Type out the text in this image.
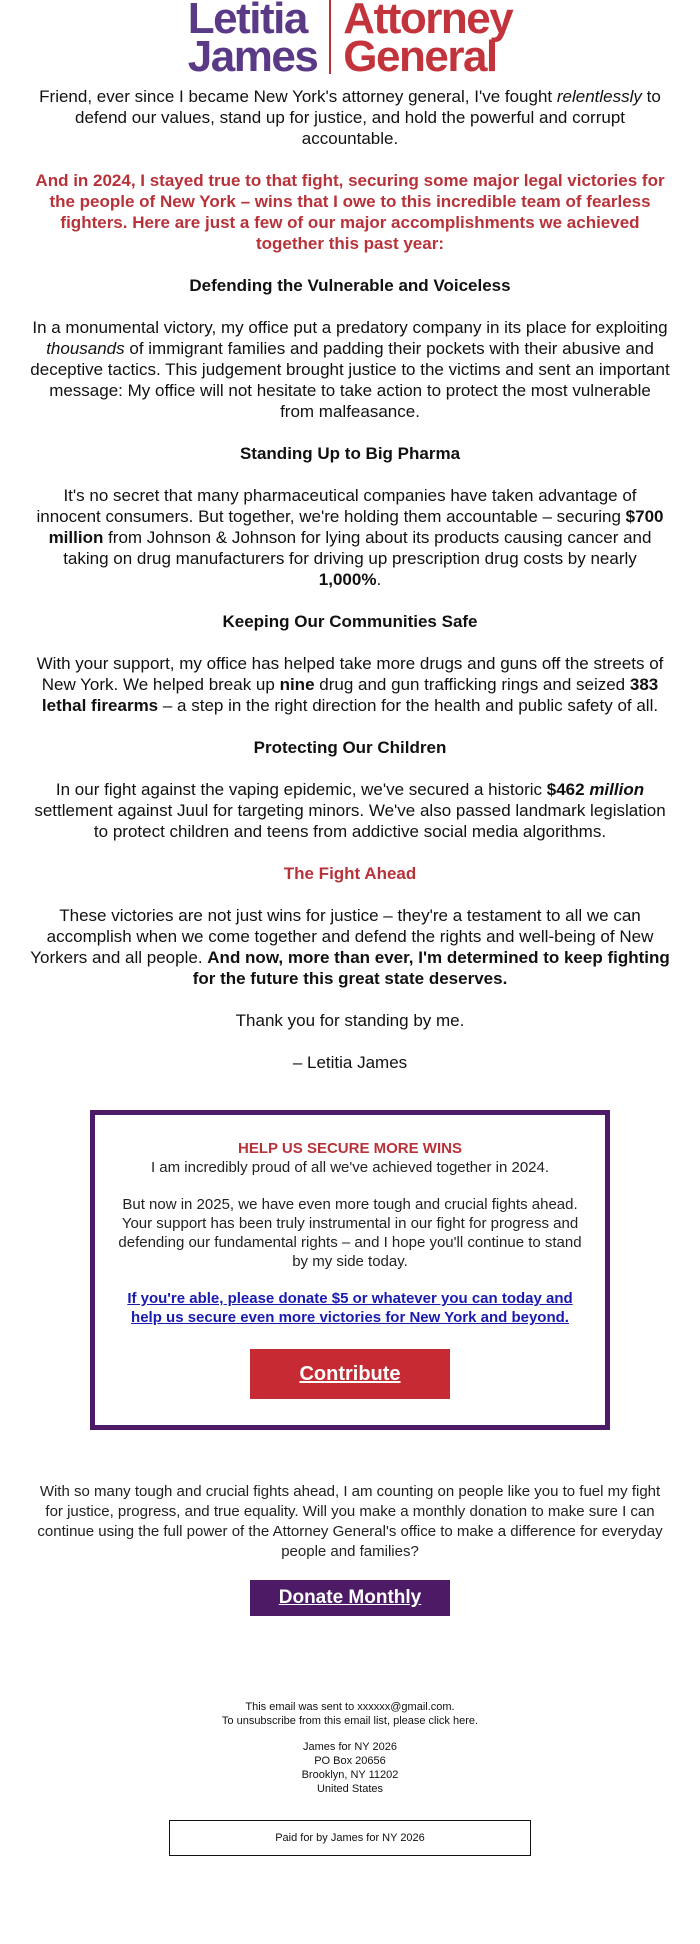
Letitia
James
Attorney
General

Friend, ever since I became New York's attorney general, I've fought relentlessly to defend our values, stand up for justice, and hold the powerful and corrupt accountable.

And in 2024, I stayed true to that fight, securing some major legal victories for the people of New York – wins that I owe to this incredible team of fearless fighters. Here are just a few of our major accomplishments we achieved together this past year:

Defending the Vulnerable and Voiceless

In a monumental victory, my office put a predatory company in its place for exploiting thousands of immigrant families and padding their pockets with their abusive and deceptive tactics. This judgement brought justice to the victims and sent an important message: My office will not hesitate to take action to protect the most vulnerable from malfeasance.

Standing Up to Big Pharma

It's no secret that many pharmaceutical companies have taken advantage of innocent consumers. But together, we're holding them accountable – securing $700 million from Johnson & Johnson for lying about its products causing cancer and taking on drug manufacturers for driving up prescription drug costs by nearly 1,000%.

Keeping Our Communities Safe

With your support, my office has helped take more drugs and guns off the streets of New York. We helped break up nine drug and gun trafficking rings and seized 383 lethal firearms – a step in the right direction for the health and public safety of all.

Protecting Our Children

In our fight against the vaping epidemic, we've secured a historic $462 million settlement against Juul for targeting minors. We've also passed landmark legislation to protect children and teens from addictive social media algorithms.

The Fight Ahead

These victories are not just wins for justice – they're a testament to all we can accomplish when we come together and defend the rights and well-being of New Yorkers and all people. And now, more than ever, I'm determined to keep fighting for the future this great state deserves.

Thank you for standing by me.

– Letitia James

HELP US SECURE MORE WINS

I am incredibly proud of all we've achieved together in 2024.

But now in 2025, we have even more tough and crucial fights ahead. Your support has been truly instrumental in our fight for progress and defending our fundamental rights – and I hope you'll continue to stand by my side today.

If you're able, please donate $5 or whatever you can today and help us secure even more victories for New York and beyond.

Contribute
With so many tough and crucial fights ahead, I am counting on people like you to fuel my fight for justice, progress, and true equality. Will you make a monthly donation to make sure I can continue using the full power of the Attorney General's office to make a difference for everyday people and families?
Donate Monthly

This email was sent to xxxxxx@gmail.com.
To unsubscribe from this email list, please click here.

James for NY 2026
PO Box 20656
Brooklyn, NY 11202
United States

Paid for by James for NY 2026
